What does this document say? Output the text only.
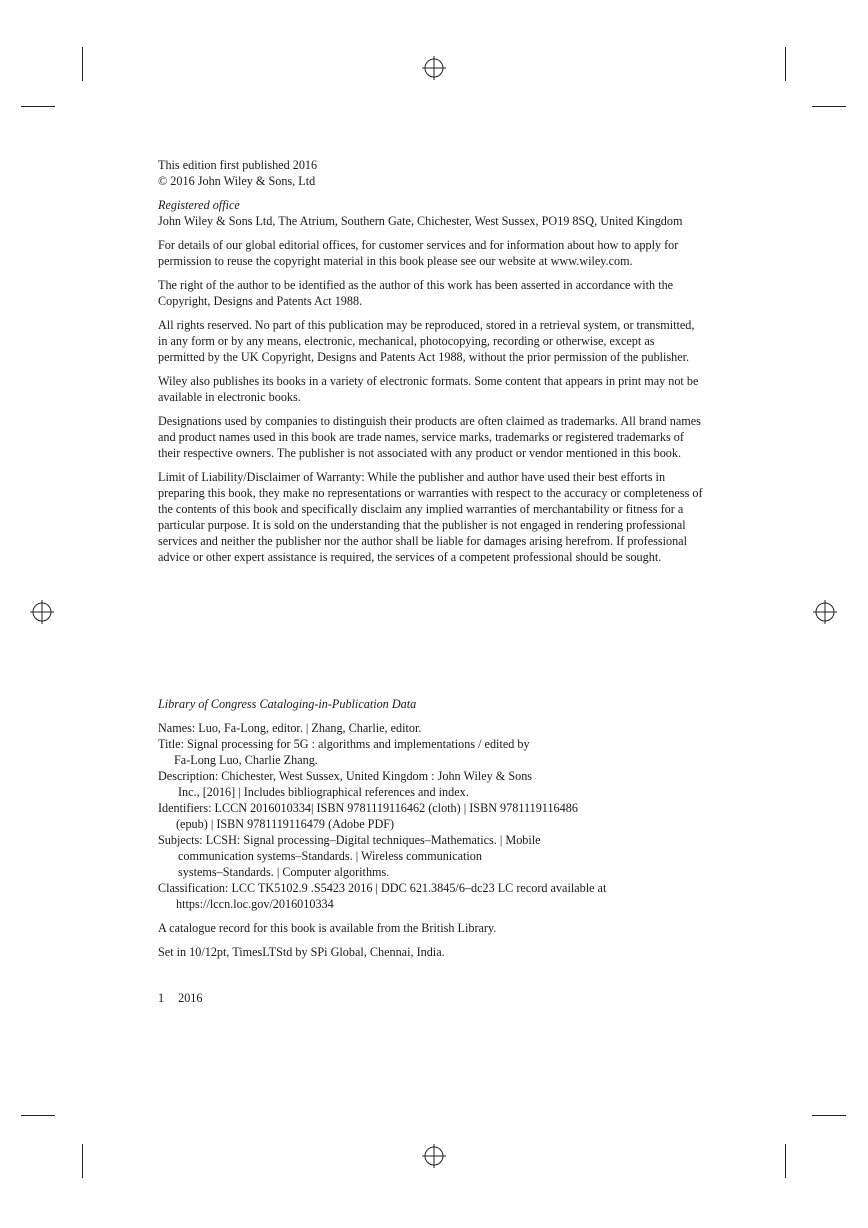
This edition first published 2016
© 2016 John Wiley & Sons, Ltd

Registered office
John Wiley & Sons Ltd, The Atrium, Southern Gate, Chichester, West Sussex, PO19 8SQ, United Kingdom

For details of our global editorial offices, for customer services and for information about how to apply for permission to reuse the copyright material in this book please see our website at www.wiley.com.

The right of the author to be identified as the author of this work has been asserted in accordance with the Copyright, Designs and Patents Act 1988.

All rights reserved. No part of this publication may be reproduced, stored in a retrieval system, or transmitted, in any form or by any means, electronic, mechanical, photocopying, recording or otherwise, except as permitted by the UK Copyright, Designs and Patents Act 1988, without the prior permission of the publisher.

Wiley also publishes its books in a variety of electronic formats. Some content that appears in print may not be available in electronic books.

Designations used by companies to distinguish their products are often claimed as trademarks. All brand names and product names used in this book are trade names, service marks, trademarks or registered trademarks of their respective owners. The publisher is not associated with any product or vendor mentioned in this book.

Limit of Liability/Disclaimer of Warranty: While the publisher and author have used their best efforts in preparing this book, they make no representations or warranties with respect to the accuracy or completeness of the contents of this book and specifically disclaim any implied warranties of merchantability or fitness for a particular purpose. It is sold on the understanding that the publisher is not engaged in rendering professional services and neither the publisher nor the author shall be liable for damages arising herefrom. If professional advice or other expert assistance is required, the services of a competent professional should be sought.

Library of Congress Cataloging-in-Publication Data

Names: Luo, Fa-Long, editor. | Zhang, Charlie, editor.
Title: Signal processing for 5G : algorithms and implementations / edited by
Fa-Long Luo, Charlie Zhang.
Description: Chichester, West Sussex, United Kingdom : John Wiley & Sons
Inc., [2016] | Includes bibliographical references and index.
Identifiers: LCCN 2016010334| ISBN 9781119116462 (cloth) | ISBN 9781119116486
(epub) | ISBN 9781119116479 (Adobe PDF)
Subjects: LCSH: Signal processing–Digital techniques–Mathematics. | Mobile
communication systems–Standards. | Wireless communication
systems–Standards. | Computer algorithms.
Classification: LCC TK5102.9 .S5423 2016 | DDC 621.3845/6–dc23 LC record available at
https://lccn.loc.gov/2016010334

A catalogue record for this book is available from the British Library.

Set in 10/12pt, TimesLTStd by SPi Global, Chennai, India.

1 2016
